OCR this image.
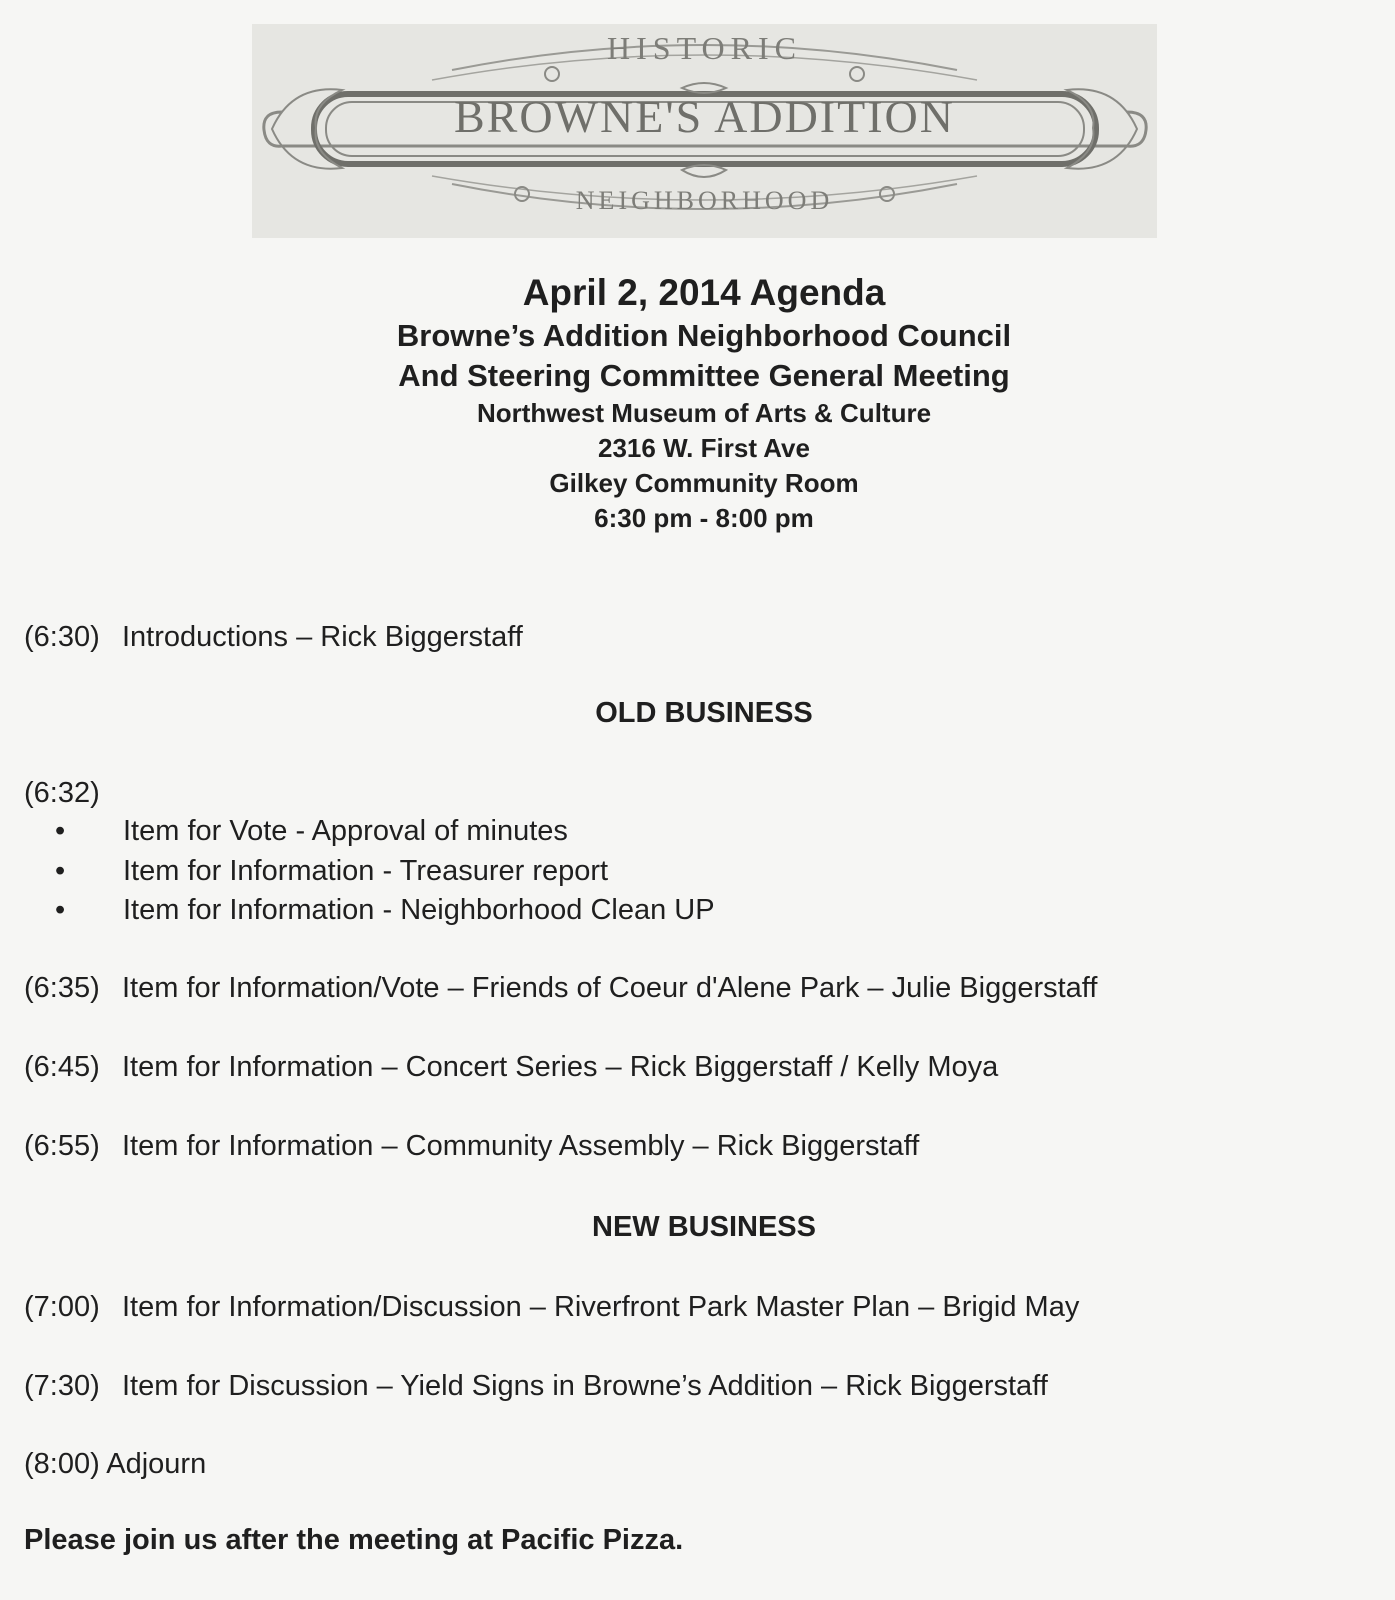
HISTORIC
BROWNE'S ADDITION
NEIGHBORHOOD

April 2, 2014 Agenda

Browne’s Addition Neighborhood Council

And Steering Committee General Meeting

Northwest Museum of Arts & Culture

2316 W. First Ave

Gilkey Community Room

6:30 pm - 8:00 pm

(6:30) Introductions – Rick Biggerstaff
OLD BUSINESS
(6:32)
• Item for Vote - Approval of minutes
• Item for Information - Treasurer report
• Item for Information - Neighborhood Clean UP
(6:35) Item for Information/Vote – Friends of Coeur d'Alene Park – Julie Biggerstaff
(6:45) Item for Information – Concert Series – Rick Biggerstaff / Kelly Moya
(6:55) Item for Information – Community Assembly – Rick Biggerstaff
NEW BUSINESS
(7:00) Item for Information/Discussion – Riverfront Park Master Plan – Brigid May
(7:30) Item for Discussion – Yield Signs in Browne’s Addition – Rick Biggerstaff
(8:00) Adjourn
Please join us after the meeting at Pacific Pizza.
